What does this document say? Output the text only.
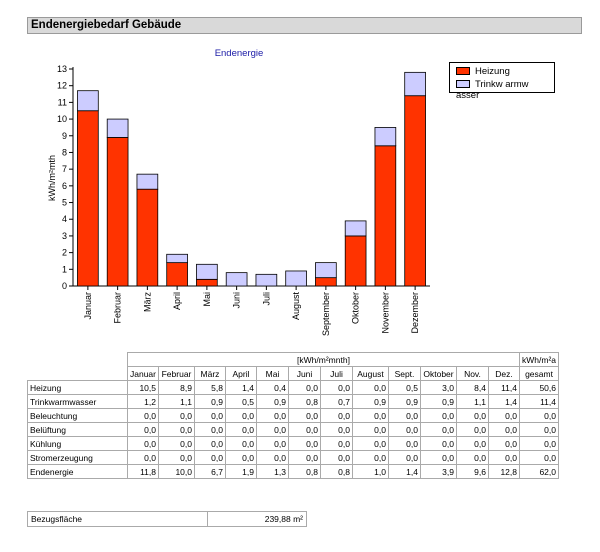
Endenergiebedarf Gebäude
Endenergie
kWh/m²mth
0
1
2
3
4
5
6
7
8
9
10
11
12
13
Januar Februar März April Mai Juni Juli August September Oktober November Dezember
Heizung
Trinkw armw asser
	[kWh/m²mnth]												kWh/m²a
	Januar	Februar	März	April	Mai	Juni	Juli	August	Sept.	Oktober	Nov.	Dez.	gesamt
Heizung	10,5	8,9	5,8	1,4	0,4	0,0	0,0	0,0	0,5	3,0	8,4	11,4	50,6
Trinkwarmwasser	1,2	1,1	0,9	0,5	0,9	0,8	0,7	0,9	0,9	0,9	1,1	1,4	11,4
Beleuchtung	0,0	0,0	0,0	0,0	0,0	0,0	0,0	0,0	0,0	0,0	0,0	0,0	0,0
Belüftung	0,0	0,0	0,0	0,0	0,0	0,0	0,0	0,0	0,0	0,0	0,0	0,0	0,0
Kühlung	0,0	0,0	0,0	0,0	0,0	0,0	0,0	0,0	0,0	0,0	0,0	0,0	0,0
Stromerzeugung	0,0	0,0	0,0	0,0	0,0	0,0	0,0	0,0	0,0	0,0	0,0	0,0	0,0
Endenergie	11,8	10,0	6,7	1,9	1,3	0,8	0,8	1,0	1,4	3,9	9,6	12,8	62,0
Bezugsfläche	239,88 m²
